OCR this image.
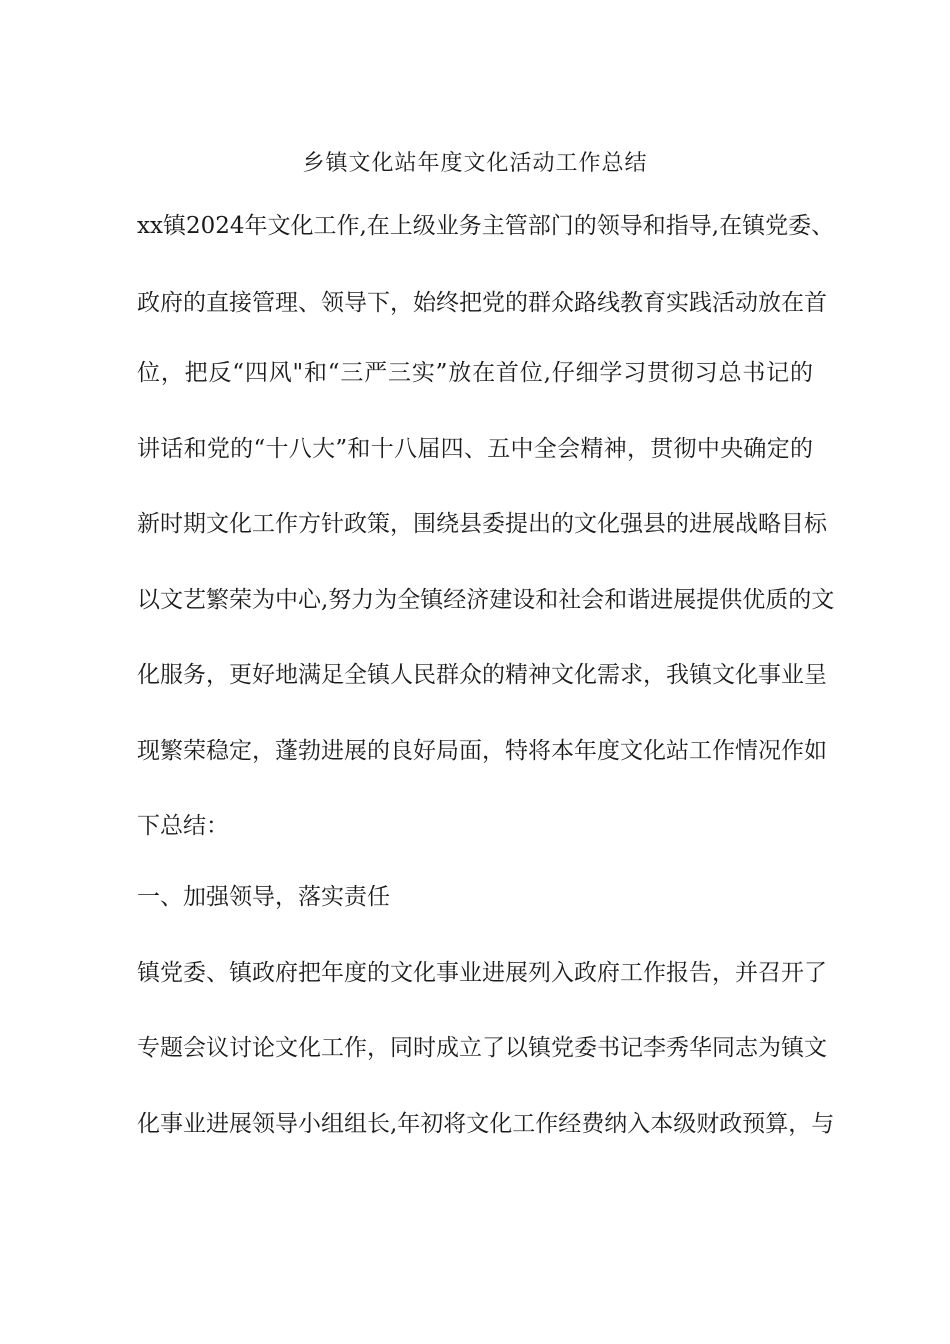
乡镇文化站年度文化活动工作总结
xx镇2024年文化工作,在上级业务主管部门的领导和指导,在镇党委、
政府的直接管理、领导下，始终把党的群众路线教育实践活动放在首
位，把反“四风"和“三严三实”放在首位,仔细学习贯彻习总书记的
讲话和党的“十八大”和十八届四、五中全会精神，贯彻中央确定的
新时期文化工作方针政策，围绕县委提出的文化强县的进展战略目标
以文艺繁荣为中心,努力为全镇经济建设和社会和谐进展提供优质的文
化服务，更好地满足全镇人民群众的精神文化需求，我镇文化事业呈
现繁荣稳定，蓬勃进展的良好局面，特将本年度文化站工作情况作如
下总结：
一、加强领导，落实责任
镇党委、镇政府把年度的文化事业进展列入政府工作报告，并召开了
专题会议讨论文化工作，同时成立了以镇党委书记李秀华同志为镇文
化事业进展领导小组组长,年初将文化工作经费纳入本级财政预算，与
